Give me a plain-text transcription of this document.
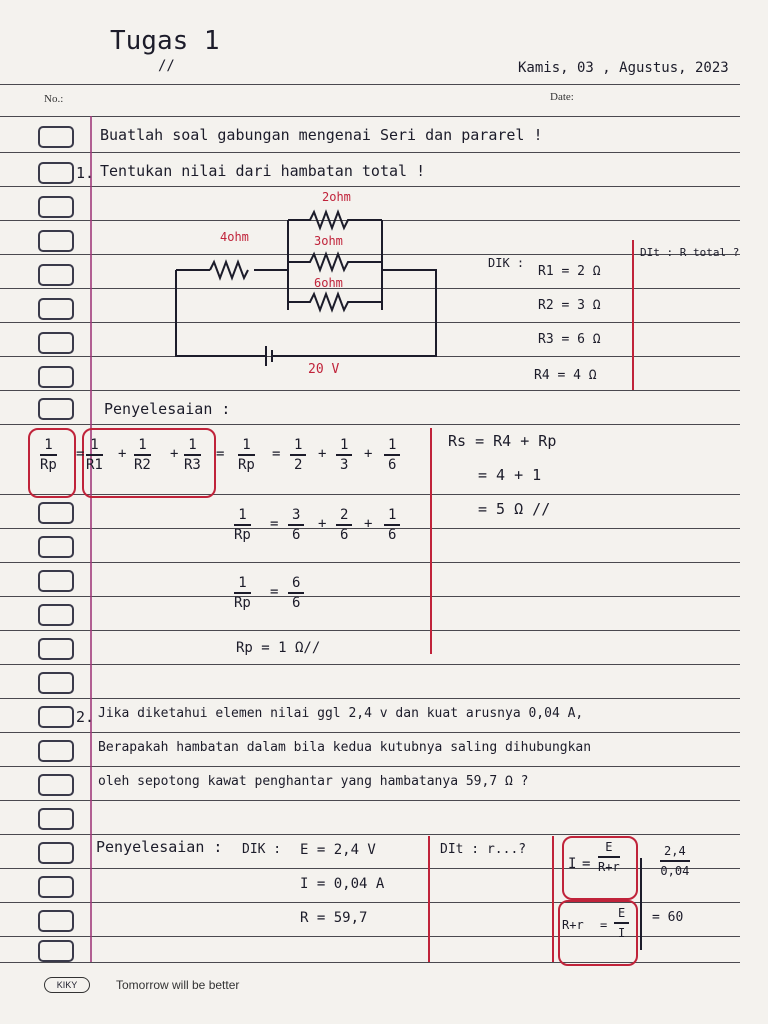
Tugas 1
//	Kamis, 03 , Agustus, 2023
No.:	Date:
Buatlah soal gabungan mengenai Seri dan pararel !
1. Tentukan nilai dari hambatan total !
4ohm
2ohm
3ohm
6ohm
20 V
DIK :
R1 = 2 Ω
R2 = 3 Ω
R3 = 6 Ω
R4 = 4 Ω
DIt : R total ?
Penyelesaian :
$\frac{1}{Rp} = \frac{1}{R1} + \frac{1}{R2} + \frac{1}{R3} = \frac{1}{Rp} = \frac{1}{2} + \frac{1}{3} + \frac{1}{6}$
$\frac{1}{Rp} = \frac{3}{6} + \frac{2}{6} + \frac{1}{6}$
$\frac{1}{Rp} = \frac{6}{6}$
Rp = 1 Ω//
Rs = R4 + Rp
= 4 + 1
= 5 Ω //
2. Jika diketahui elemen nilai ggl 2,4 v dan kuat arusnya 0,04 A,
Berapakah hambatan dalam bila kedua kutubnya saling dihubungkan
oleh sepotong kawat penghantar yang hambatanya 59,7 Ω ?
Penyelesaian : DIK : E = 2,4 V
I = 0,04 A
R = 59,7
DIt : r...?
$I = \frac{E}{R+r}$	$\frac{2,4}{0,04}$
$R+r = \frac{E}{I} = 60$
KIKY	Tomorrow will be better
